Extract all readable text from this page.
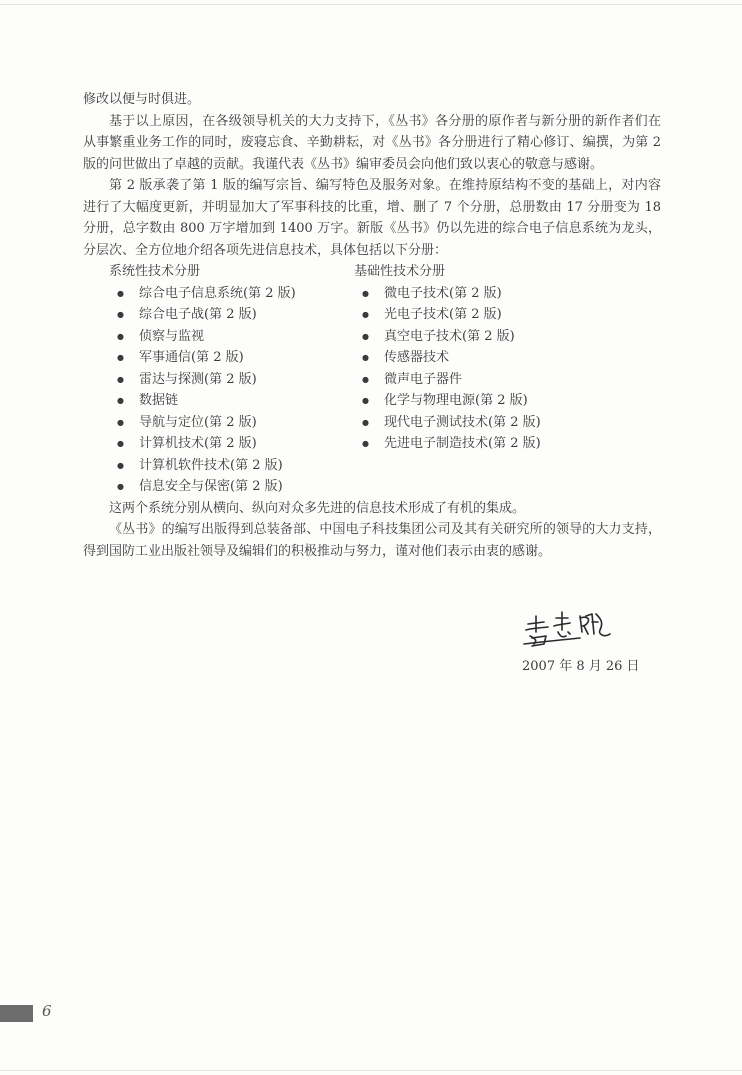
修改以便与时俱进。

基于以上原因，在各级领导机关的大力支持下，《丛书》各分册的原作者与新分册的新作者们在从事繁重业务工作的同时，废寝忘食、辛勤耕耘，对《丛书》各分册进行了精心修订、编撰，为第 2 版的问世做出了卓越的贡献。我谨代表《丛书》编审委员会向他们致以衷心的敬意与感谢。

第 2 版承袭了第 1 版的编写宗旨、编写特色及服务对象。在维持原结构不变的基础上，对内容进行了大幅度更新，并明显加大了军事科技的比重，增、删了 7 个分册，总册数由 17 分册变为 18 分册，总字数由 800 万字增加到 1400 万字。新版《丛书》仍以先进的综合电子信息系统为龙头，分层次、全方位地介绍各项先进信息技术，具体包括以下分册：

系统性技术分册

● 综合电子信息系统(第 2 版)
● 综合电子战(第 2 版)
● 侦察与监视
● 军事通信(第 2 版)
● 雷达与探测(第 2 版)
● 数据链
● 导航与定位(第 2 版)
● 计算机技术(第 2 版)
● 计算机软件技术(第 2 版)
● 信息安全与保密(第 2 版)

基础性技术分册

● 微电子技术(第 2 版)
● 光电子技术(第 2 版)
● 真空电子技术(第 2 版)
● 传感器技术
● 微声电子器件
● 化学与物理电源(第 2 版)
● 现代电子测试技术(第 2 版)
● 先进电子制造技术(第 2 版)

这两个系统分别从横向、纵向对众多先进的信息技术形成了有机的集成。

《丛书》的编写出版得到总装备部、中国电子科技集团公司及其有关研究所的领导的大力支持，得到国防工业出版社领导及编辑们的积极推动与努力，谨对他们表示由衷的感谢。

2007 年 8 月 26 日
6
